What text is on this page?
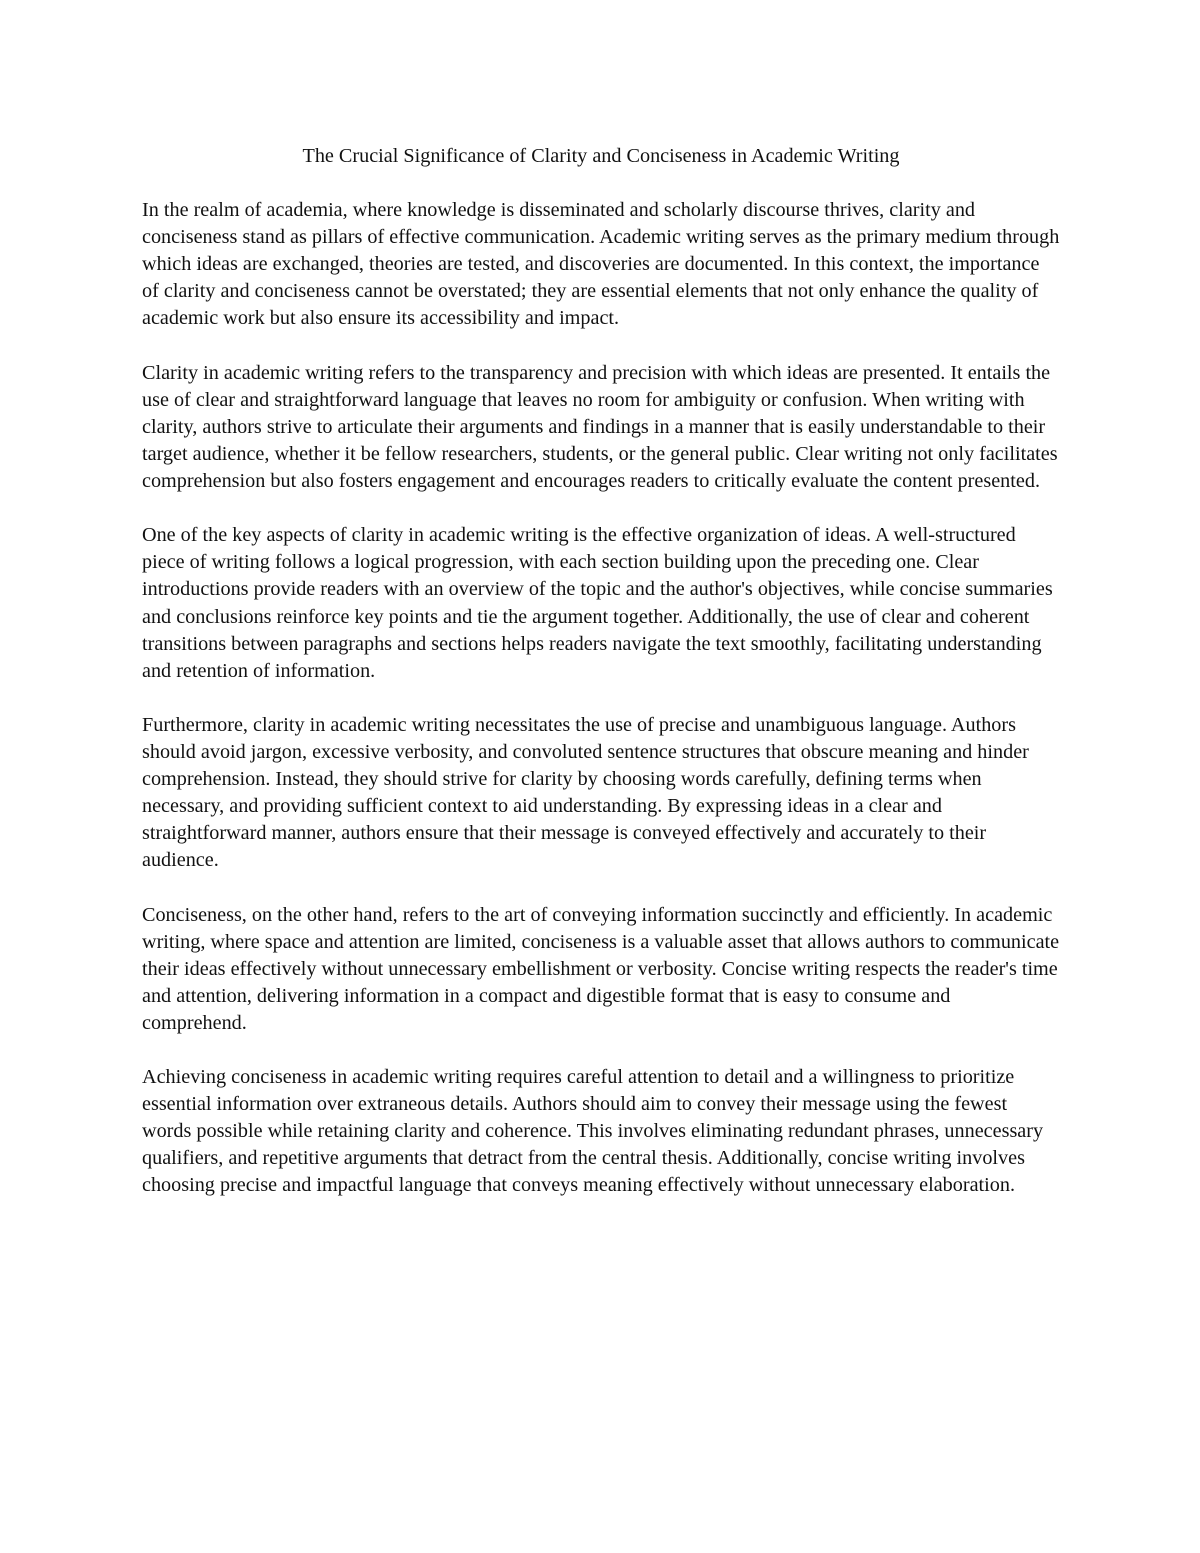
The Crucial Significance of Clarity and Conciseness in Academic Writing

In the realm of academia, where knowledge is disseminated and scholarly discourse thrives, clarity and conciseness stand as pillars of effective communication. Academic writing serves as the primary medium through which ideas are exchanged, theories are tested, and discoveries are documented. In this context, the importance of clarity and conciseness cannot be overstated; they are essential elements that not only enhance the quality of academic work but also ensure its accessibility and impact.

Clarity in academic writing refers to the transparency and precision with which ideas are presented. It entails the use of clear and straightforward language that leaves no room for ambiguity or confusion. When writing with clarity, authors strive to articulate their arguments and findings in a manner that is easily understandable to their target audience, whether it be fellow researchers, students, or the general public. Clear writing not only facilitates comprehension but also fosters engagement and encourages readers to critically evaluate the content presented.

One of the key aspects of clarity in academic writing is the effective organization of ideas. A well-structured piece of writing follows a logical progression, with each section building upon the preceding one. Clear introductions provide readers with an overview of the topic and the author's objectives, while concise summaries and conclusions reinforce key points and tie the argument together. Additionally, the use of clear and coherent transitions between paragraphs and sections helps readers navigate the text smoothly, facilitating understanding and retention of information.

Furthermore, clarity in academic writing necessitates the use of precise and unambiguous language. Authors should avoid jargon, excessive verbosity, and convoluted sentence structures that obscure meaning and hinder comprehension. Instead, they should strive for clarity by choosing words carefully, defining terms when necessary, and providing sufficient context to aid understanding. By expressing ideas in a clear and straightforward manner, authors ensure that their message is conveyed effectively and accurately to their audience.

Conciseness, on the other hand, refers to the art of conveying information succinctly and efficiently. In academic writing, where space and attention are limited, conciseness is a valuable asset that allows authors to communicate their ideas effectively without unnecessary embellishment or verbosity. Concise writing respects the reader's time and attention, delivering information in a compact and digestible format that is easy to consume and comprehend.

Achieving conciseness in academic writing requires careful attention to detail and a willingness to prioritize essential information over extraneous details. Authors should aim to convey their message using the fewest words possible while retaining clarity and coherence. This involves eliminating redundant phrases, unnecessary qualifiers, and repetitive arguments that detract from the central thesis. Additionally, concise writing involves choosing precise and impactful language that conveys meaning effectively without unnecessary elaboration.
